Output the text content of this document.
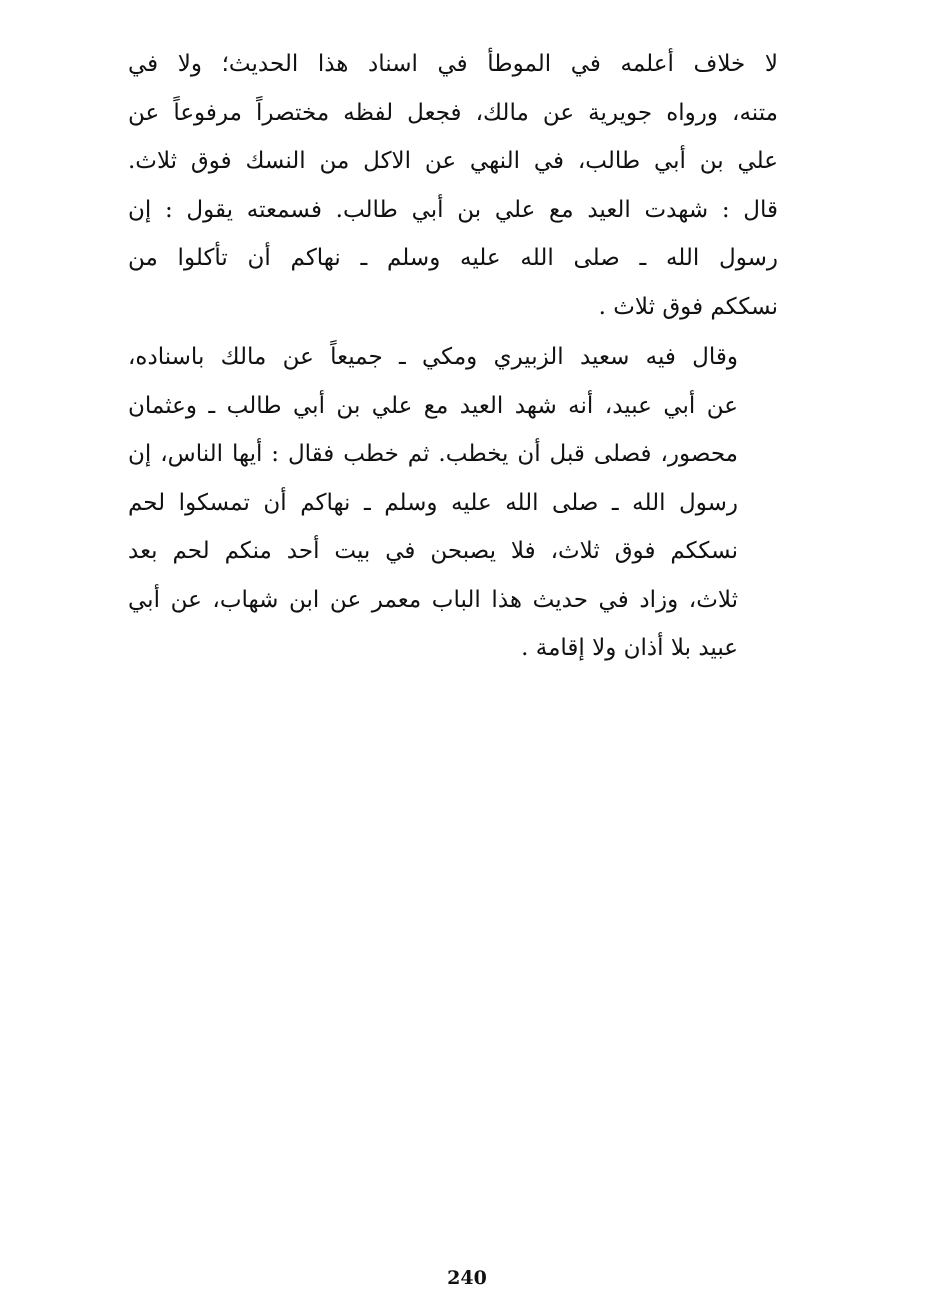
لا خلاف أعلمه في الموطأ في اسناد هذا الحديث؛ ولا في
متنه، ورواه جويرية عن مالك، فجعل لفظه مختصراً مرفوعاً عن
علي بن أبي طالب، في النهي عن الاكل من النسك فوق ثلاث.
قال : شهدت العيد مع علي بن أبي طالب. فسمعته يقول : إن
رسول الله ـ صلى الله عليه وسلم ـ نهاكم أن تأكلوا من
نسككم فوق ثلاث .
وقال فيه سعيد الزبيري ومكي ـ جميعاً عن مالك باسناده،
عن أبي عبيد، أنه شهد العيد مع علي بن أبي طالب ـ وعثمان
محصور، فصلى قبل أن يخطب. ثم خطب فقال : أيها الناس، إن
رسول الله ـ صلى الله عليه وسلم ـ نهاكم أن تمسكوا لحم
نسككم فوق ثلاث، فلا يصبحن في بيت أحد منكم لحم بعد
ثلاث، وزاد في حديث هذا الباب معمر عن ابن شهاب، عن أبي
عبيد بلا أذان ولا إقامة .
240
